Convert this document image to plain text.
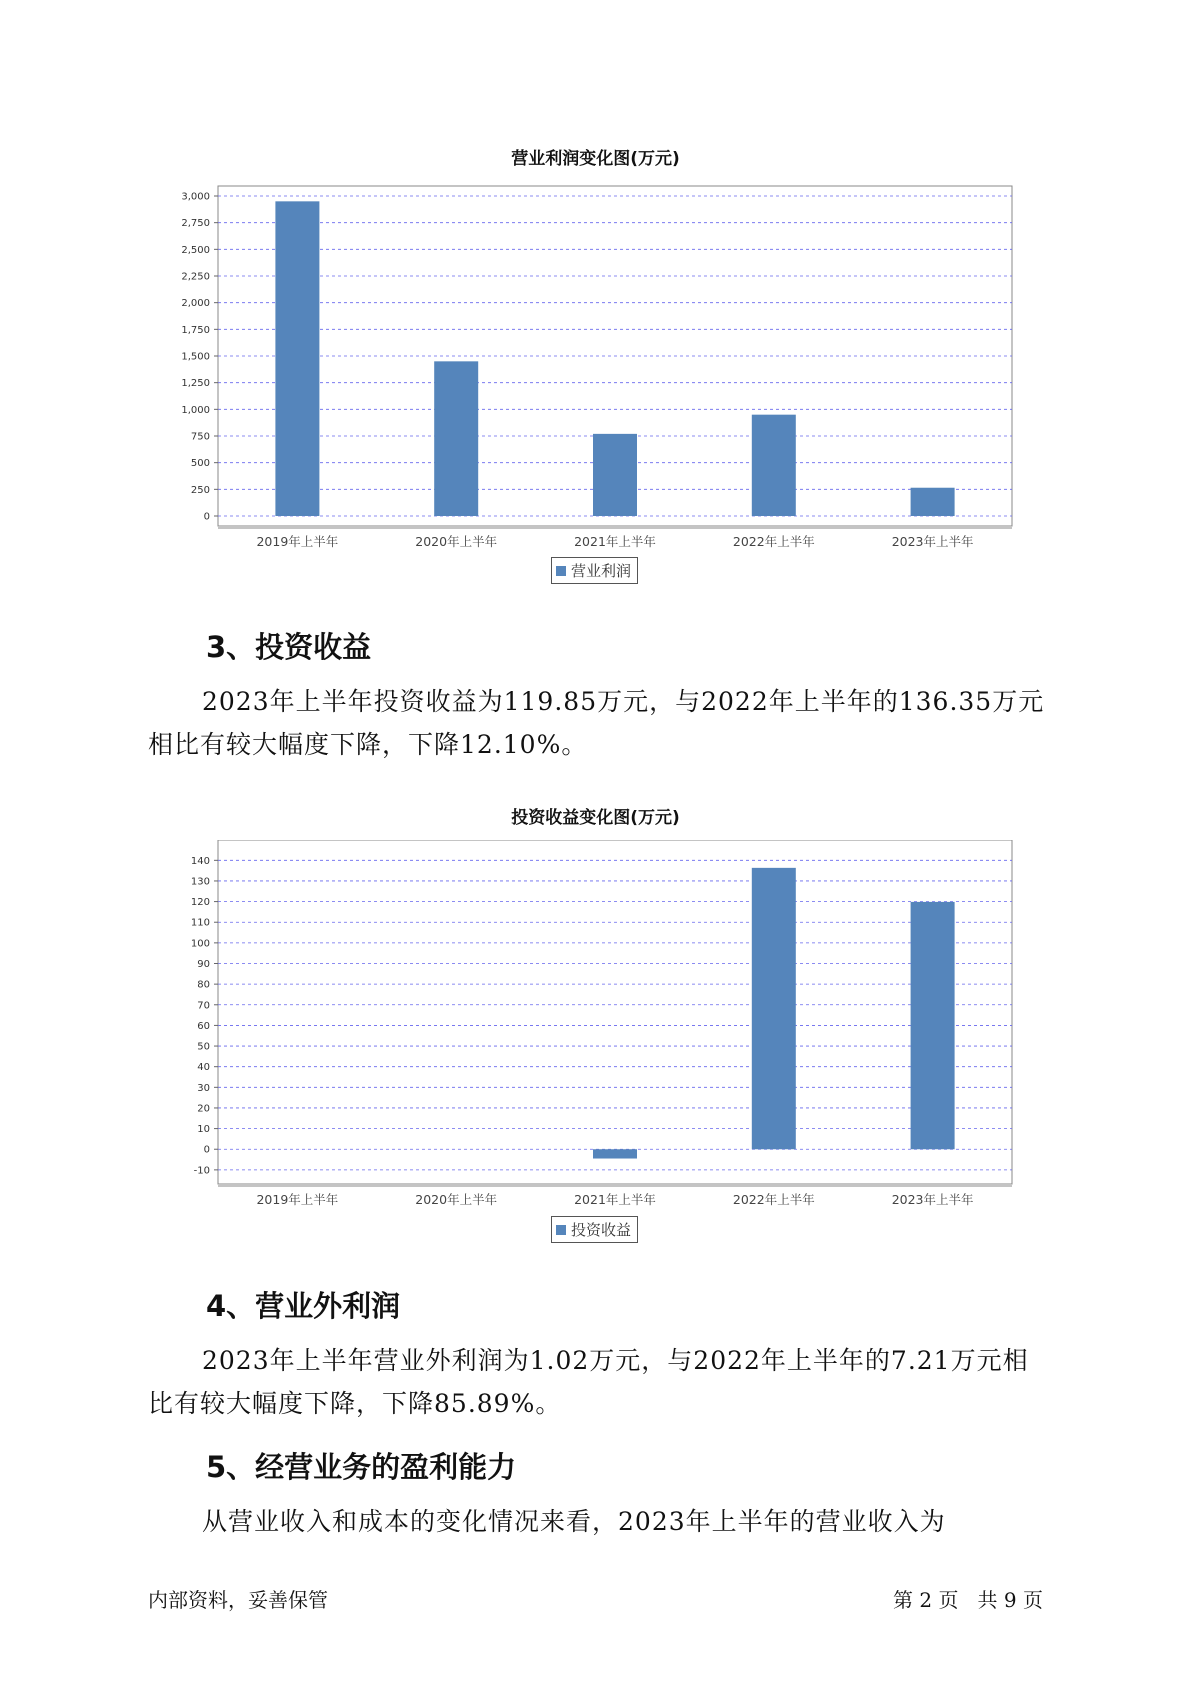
营业利润变化图(万元)
0
250
500
750
1,000
1,250
1,500
1,750
2,000
2,250
2,500
2,750
3,000
2019年上半年	2020年上半年	2021年上半年	2022年上半年	2023年上半年
营业利润
3、投资收益

2023年上半年投资收益为119.85万元，与2022年上半年的136.35万元相比有较大幅度下降，下降12.10%。

投资收益变化图(万元)
-10
0
10
20
30
40
50
60
70
80
90
100
110
120
130
140
2019年上半年	2020年上半年	2021年上半年	2022年上半年	2023年上半年
投资收益
4、营业外利润

2023年上半年营业外利润为1.02万元，与2022年上半年的7.21万元相比有较大幅度下降，下降85.89%。

5、经营业务的盈利能力

从营业收入和成本的变化情况来看，2023年上半年的营业收入为

内部资料，妥善保管	第 2 页   共 9 页
